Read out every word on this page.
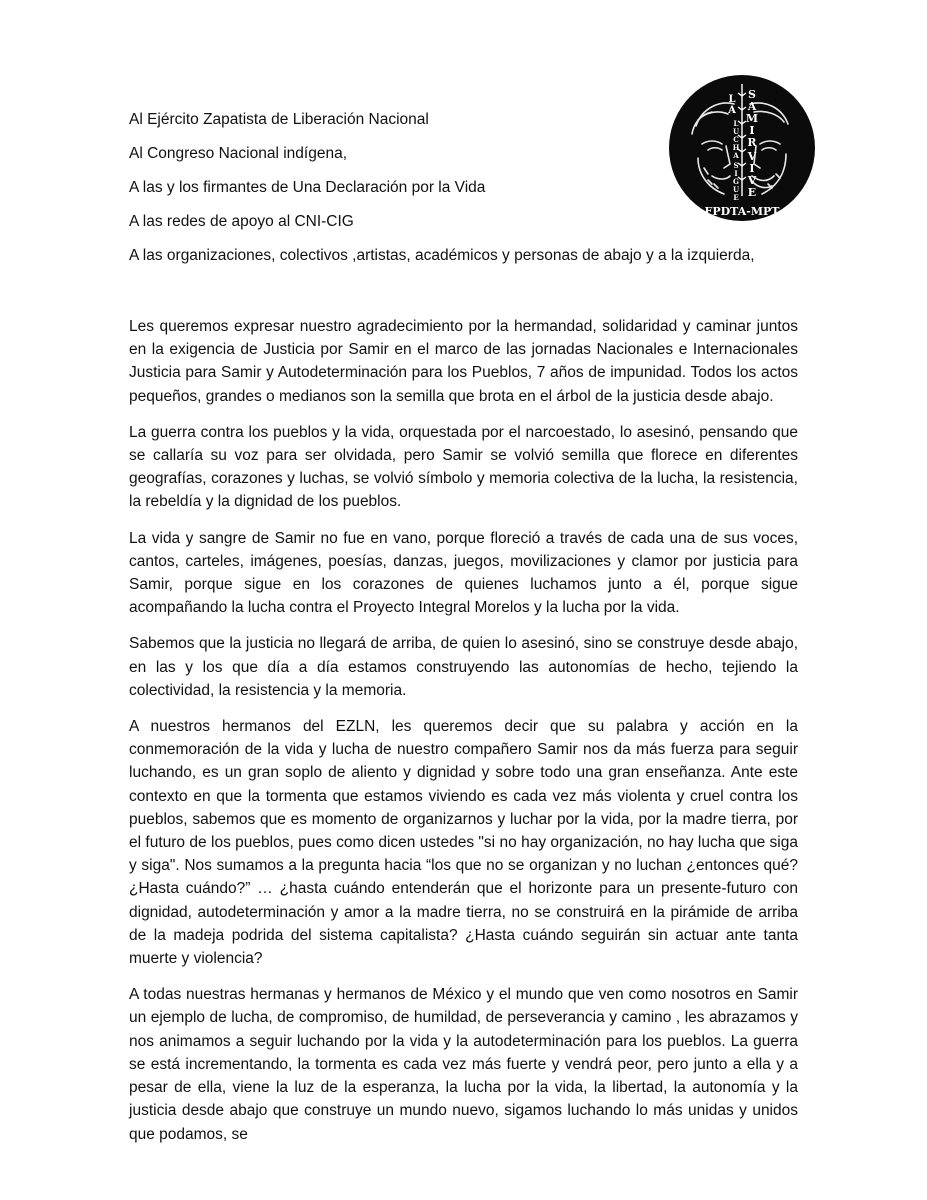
L
A
L
U
C
H
A
S
I
G
U
E
S
A
M
I
R
V
I
V
E
FPDTA-MPT
Al Ejército Zapatista de Liberación Nacional
Al Congreso Nacional indígena,
A las y los firmantes de Una Declaración por la Vida
A las redes de apoyo al CNI-CIG
A las organizaciones, colectivos ,artistas, académicos y personas de abajo y a la izquierda,

Les queremos expresar nuestro agradecimiento por la hermandad, solidaridad y caminar juntos en la exigencia de Justicia por Samir en el marco de las jornadas Nacionales e Internacionales Justicia para Samir y Autodeterminación para los Pueblos, 7 años de impunidad. Todos los actos pequeños, grandes o medianos son la semilla que brota en el árbol de la justicia desde abajo.

La guerra contra los pueblos y la vida, orquestada por el narcoestado, lo asesinó, pensando que se callaría su voz para ser olvidada, pero Samir se volvió semilla que florece en diferentes geografías, corazones y luchas, se volvió símbolo y memoria colectiva de la lucha, la resistencia, la rebeldía y la dignidad de los pueblos.

La vida y sangre de Samir no fue en vano, porque floreció a través de cada una de sus voces, cantos, carteles, imágenes, poesías, danzas, juegos, movilizaciones y clamor por justicia para Samir, porque sigue en los corazones de quienes luchamos junto a él, porque sigue acompañando la lucha contra el Proyecto Integral Morelos y la lucha por la vida.

Sabemos que la justicia no llegará de arriba, de quien lo asesinó, sino se construye desde abajo, en las y los que día a día estamos construyendo las autonomías de hecho, tejiendo la colectividad, la resistencia y la memoria.

A nuestros hermanos del EZLN, les queremos decir que su palabra y acción en la conmemoración de la vida y lucha de nuestro compañero Samir nos da más fuerza para seguir luchando, es un gran soplo de aliento y dignidad y sobre todo una gran enseñanza. Ante este contexto en que la tormenta que estamos viviendo es cada vez más violenta y cruel contra los pueblos, sabemos que es momento de organizarnos y luchar por la vida, por la madre tierra, por el futuro de los pueblos, pues como dicen ustedes "si no hay organización, no hay lucha que siga y siga". Nos sumamos a la pregunta hacia “los que no se organizan y no luchan ¿entonces qué? ¿Hasta cuándo?” … ¿hasta cuándo entenderán que el horizonte para un presente-futuro con dignidad, autodeterminación y amor a la madre tierra, no se construirá en la pirámide de arriba de la madeja podrida del sistema capitalista? ¿Hasta cuándo seguirán sin actuar ante tanta muerte y violencia?

A todas nuestras hermanas y hermanos de México y el mundo que ven como nosotros en Samir un ejemplo de lucha, de compromiso, de humildad, de perseverancia y camino , les abrazamos y nos animamos a seguir luchando por la vida y la autodeterminación para los pueblos. La guerra se está incrementando, la tormenta es cada vez más fuerte y vendrá peor, pero junto a ella y a pesar de ella, viene la luz de la esperanza, la lucha por la vida, la libertad, la autonomía y la justicia desde abajo que construye un mundo nuevo, sigamos luchando lo más unidas y unidos que podamos, se
